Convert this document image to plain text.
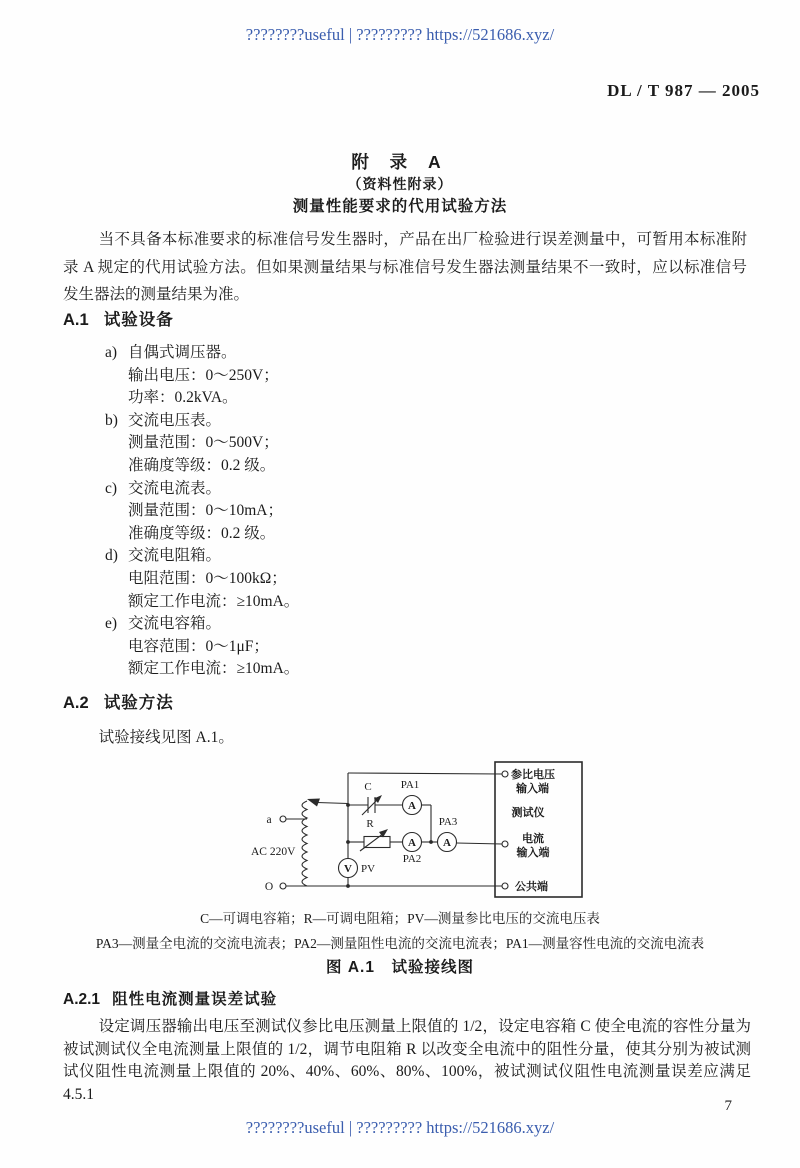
????????useful | ????????? https://521686.xyz/
DL / T 987 — 2005
附 录 A
（资料性附录）
测量性能要求的代用试验方法
当不具备本标准要求的标准信号发生器时，产品在出厂检验进行误差测量中，可暂用本标准附录 A 规定的代用试验方法。但如果测量结果与标准信号发生器法测量结果不一致时，应以标准信号发生器法的测量结果为准。
A.1 试验设备
a) 自偶式调压器。
输出电压：0～250V；
功率：0.2kVA。
b) 交流电压表。
测量范围：0～500V；
准确度等级：0.2 级。
c) 交流电流表。
测量范围：0～10mA；
准确度等级：0.2 级。
d) 交流电阻箱。
电阻范围：0～100kΩ；
额定工作电流：≥10mA。
e) 交流电容箱。
电容范围：0～1μF；
额定工作电流：≥10mA。
A.2 试验方法
试验接线见图 A.1。
a
O
AC 220V
C
A
PA1
R
A
PA2
A
PA3
V PV
参比电压
输入端
测试仪
电流
输入端
公共端
C—可调电容箱；R—可调电阻箱；PV—测量参比电压的交流电压表
PA3—测量全电流的交流电流表；PA2—测量阻性电流的交流电流表；PA1—测量容性电流的交流电流表
图 A.1　试验接线图
A.2.1 阻性电流测量误差试验
设定调压器输出电压至测试仪参比电压测量上限值的 1/2，设定电容箱 C 使全电流的容性分量为被试测试仪全电流测量上限值的 1/2，调节电阻箱 R 以改变全电流中的阻性分量，使其分别为被试测试仪阻性电流测量上限值的 20%、40%、60%、80%、100%，被试测试仪阻性电流测量误差应满足 4.5.1
7
????????useful | ????????? https://521686.xyz/
